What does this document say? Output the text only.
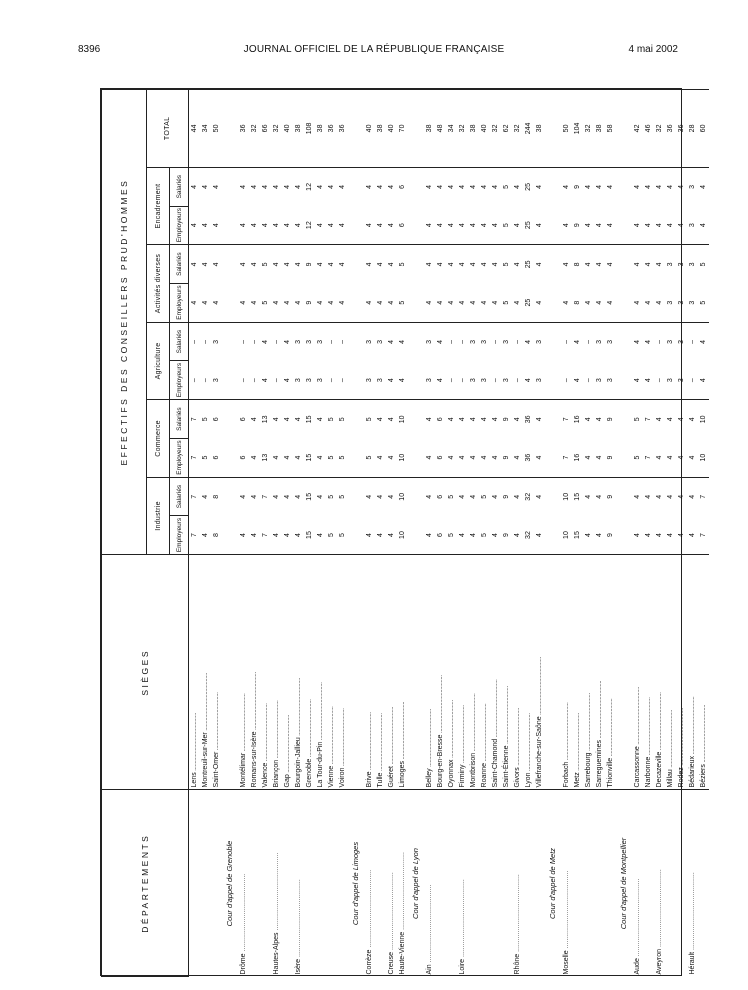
8396	JOURNAL OFFICIEL DE LA RÉPUBLIQUE FRANÇAISE	4 mai 2002
DÉPARTEMENTS	SIÈGES	EFFECTIFS DES CONSEILLERS PRUD'HOMMES										
		Industrie		Commerce		Agriculture		Activités diverses		Encadrement		TOTAL
		Employeurs	Salariés	Employeurs	Salariés	Employeurs	Salariés	Employeurs	Salariés	Employeurs	Salariés	
	Lens .....	7	7	7	7	–	–	4	4	4	4	44
	Montreuil-sur-Mer .....	4	4	5	5	–	–	4	4	4	4	34
	Saint-Omer .....	8	8	6	6	3	3	4	4	4	4	50
Cour d'appel de Grenoble												
Drôme .....	Montélimar .....	4	4	6	6	–	–	4	4	4	4	36
	Romans-sur-Isère .....	4	4	4	4	–	–	4	4	4	4	32
	Valence .....	7	7	13	13	4	4	5	5	4	4	66
Hautes-Alpes .....	Briançon .....	4	4	4	4	–	–	4	4	4	4	32
	Gap .....	4	4	4	4	4	4	4	4	4	4	40
Isère .....	Bourgoin-Jallieu .....	4	4	4	4	3	3	4	4	4	4	38
	Grenoble .....	15	15	15	15	3	3	9	9	12	12	108
	La Tour-du-Pin .....	4	4	4	4	3	3	4	4	4	4	38
	Vienne .....	5	5	5	5	–	–	4	4	4	4	36
	Voiron .....	5	5	5	5	–	–	4	4	4	4	36
Cour d'appel de Limoges												
Corrèze .....	Brive .....	4	4	5	5	3	3	4	4	4	4	40
	Tulle .....	4	4	4	4	3	3	4	4	4	4	38
Creuse .....	Guéret .....	4	4	4	4	4	4	4	4	4	4	40
Haute-Vienne .....	Limoges .....	10	10	10	10	4	4	5	5	6	6	70
Cour d'appel de Lyon												
Ain .....	Belley .....	4	4	4	4	3	3	4	4	4	4	38
	Bourg-en-Bresse .....	6	6	6	6	4	4	4	4	4	4	48
	Oyonnax .....	5	5	4	4	–	–	4	4	4	4	34
Loire .....	Firminy .....	4	4	4	4	–	–	4	4	4	4	32
	Montbrison .....	4	4	4	4	3	3	4	4	4	4	38
	Roanne .....	5	5	4	4	3	3	4	4	4	4	40
	Saint-Chamond .....	4	4	4	4	–	–	4	4	4	4	32
	Saint-Étienne .....	9	9	9	9	3	3	5	5	5	5	62
Rhône .....	Givors .....	4	4	4	4	–	–	4	4	4	4	32
	Lyon .....	32	32	36	36	4	4	25	25	25	25	244
	Villefranche-sur-Saône .....	4	4	4	4	3	3	4	4	4	4	38
Cour d'appel de Metz												
Moselle .....	Forbach .....	10	10	7	7	–	–	4	4	4	4	50
	Metz .....	15	15	16	16	4	4	8	8	9	9	104
	Sarrebourg .....	4	4	4	4	–	–	4	4	4	4	32
	Sarreguemines .....	4	4	4	4	3	3	4	4	4	4	38
	Thionville .....	9	9	9	9	3	3	4	4	4	4	58
Cour d'appel de Montpellier												
Aude .....	Carcassonne .....	4	4	5	5	4	4	4	4	4	4	42
	Narbonne .....	4	4	7	7	4	4	4	4	4	4	46
Aveyron .....	Decazeville .....	4	4	4	4	–	–	4	4	4	4	32
	Millau .....	4	4	4	4	3	3	3	3	4	4	36
	Rodez .....	4	4	4	4	3	3	3	3	4	4	36
Hérault .....	Bédarieux .....	4	4	4	4	–	–	3	3	3	3	28
	Béziers .....	7	7	10	10	4	4	5	5	4	4	60
